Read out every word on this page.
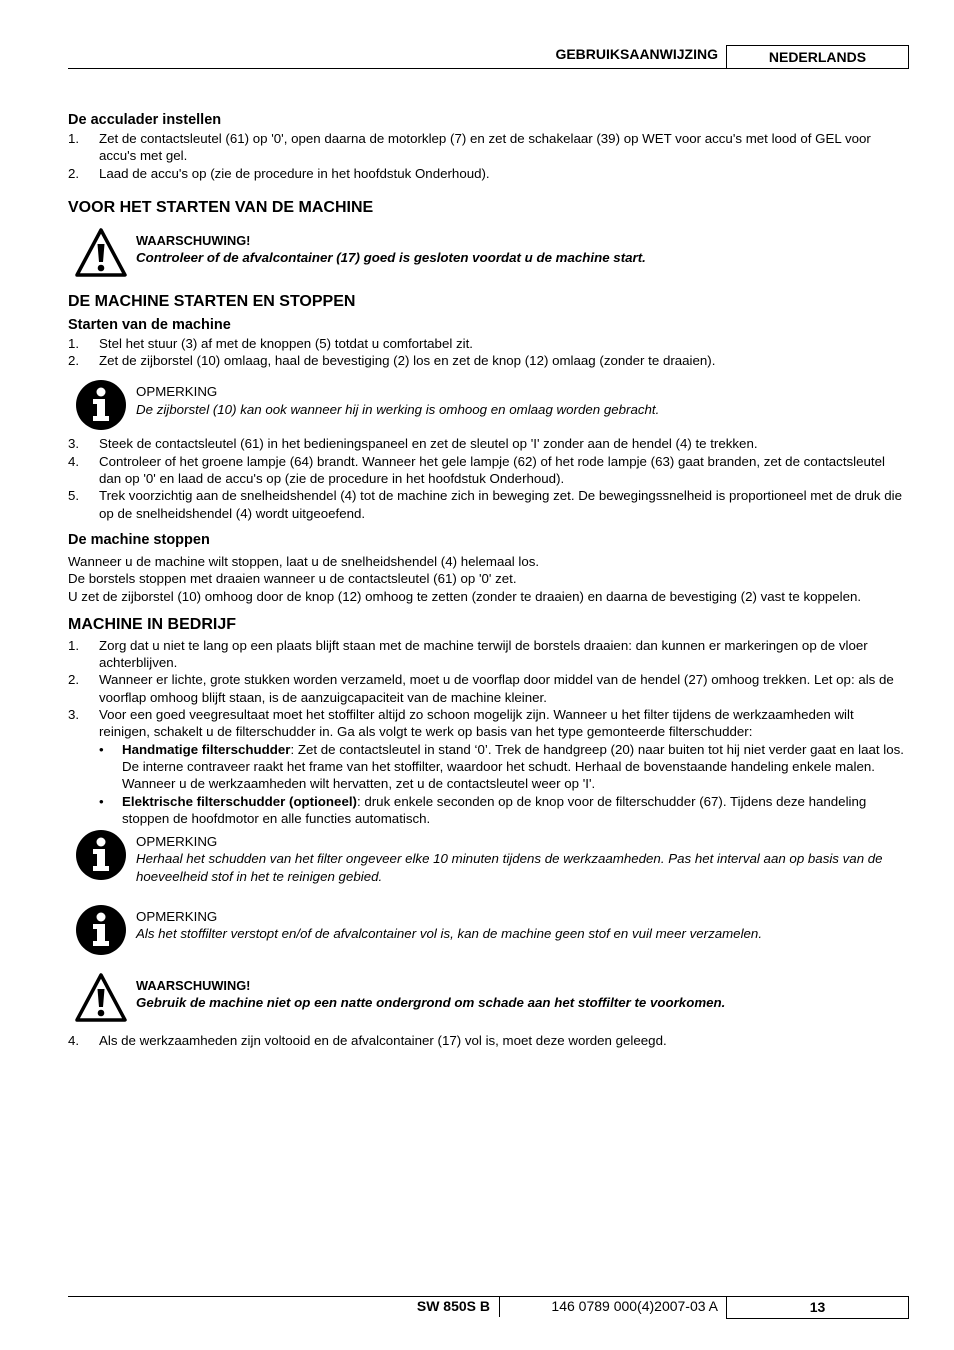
GEBRUIKSAANWIJZING	NEDERLANDS

De acculader instellen

1. Zet de contactsleutel (61) op '0', open daarna de motorklep (7) en zet de schakelaar (39) op WET voor accu's met lood of GEL voor accu's met gel.
2. Laad de accu's op (zie de procedure in het hoofdstuk Onderhoud).

VOOR HET STARTEN VAN DE MACHINE

WAARSCHUWING!
Controleer of de afvalcontainer (17) goed is gesloten voordat u de machine start.

DE MACHINE STARTEN EN STOPPEN

Starten van de machine

1. Stel het stuur (3) af met de knoppen (5) totdat u comfortabel zit.
2. Zet de zijborstel (10) omlaag, haal de bevestiging (2) los en zet de knop (12) omlaag (zonder te draaien).
OPMERKING
De zijborstel (10) kan ook wanneer hij in werking is omhoog en omlaag worden gebracht.
3. Steek de contactsleutel (61) in het bedieningspaneel en zet de sleutel op 'I' zonder aan de hendel (4) te trekken.
4. Controleer of het groene lampje (64) brandt. Wanneer het gele lampje (62) of het rode lampje (63) gaat branden, zet de contactsleutel dan op '0' en laad de accu's op (zie de procedure in het hoofdstuk Onderhoud).
5. Trek voorzichtig aan de snelheidshendel (4) tot de machine zich in beweging zet. De bewegingssnelheid is proportioneel met de druk die op de snelheidshendel (4) wordt uitgeoefend.

De machine stoppen

Wanneer u de machine wilt stoppen, laat u de snelheidshendel (4) helemaal los.

De borstels stoppen met draaien wanneer u de contactsleutel (61) op '0' zet.

U zet de zijborstel (10) omhoog door de knop (12) omhoog te zetten (zonder te draaien) en daarna de bevestiging (2) vast te koppelen.

MACHINE IN BEDRIJF

1. Zorg dat u niet te lang op een plaats blijft staan met de machine terwijl de borstels draaien: dan kunnen er markeringen op de vloer achterblijven.
2. Wanneer er lichte, grote stukken worden verzameld, moet u de voorflap door middel van de hendel (27) omhoog trekken. Let op: als de voorflap omhoog blijft staan, is de aanzuigcapaciteit van de machine kleiner.
3. Voor een goed veegresultaat moet het stoffilter altijd zo schoon mogelijk zijn. Wanneer u het filter tijdens de werkzaamheden wilt reinigen, schakelt u de filterschudder in. Ga als volgt te werk op basis van het type gemonteerde filterschudder:
• Handmatige filterschudder: Zet de contactsleutel in stand ‘0’. Trek de handgreep (20) naar buiten tot hij niet verder gaat en laat los. De interne contraveer raakt het frame van het stoffilter, waardoor het schudt. Herhaal de bovenstaande handeling enkele malen. Wanneer u de werkzaamheden wilt hervatten, zet u de contactsleutel weer op 'I'.
• Elektrische filterschudder (optioneel): druk enkele seconden op de knop voor de filterschudder (67). Tijdens deze handeling stoppen de hoofdmotor en alle functies automatisch.
OPMERKING
Herhaal het schudden van het filter ongeveer elke 10 minuten tijdens de werkzaamheden. Pas het interval aan op basis van de hoeveelheid stof in het te reinigen gebied.
OPMERKING
Als het stoffilter verstopt en/of de afvalcontainer vol is, kan de machine geen stof en vuil meer verzamelen.
WAARSCHUWING!
Gebruik de machine niet op een natte ondergrond om schade aan het stoffilter te voorkomen.
4. Als de werkzaamheden zijn voltooid en de afvalcontainer (17) vol is, moet deze worden geleegd.
SW 850S B	146 0789 000(4)2007-03 A	13
